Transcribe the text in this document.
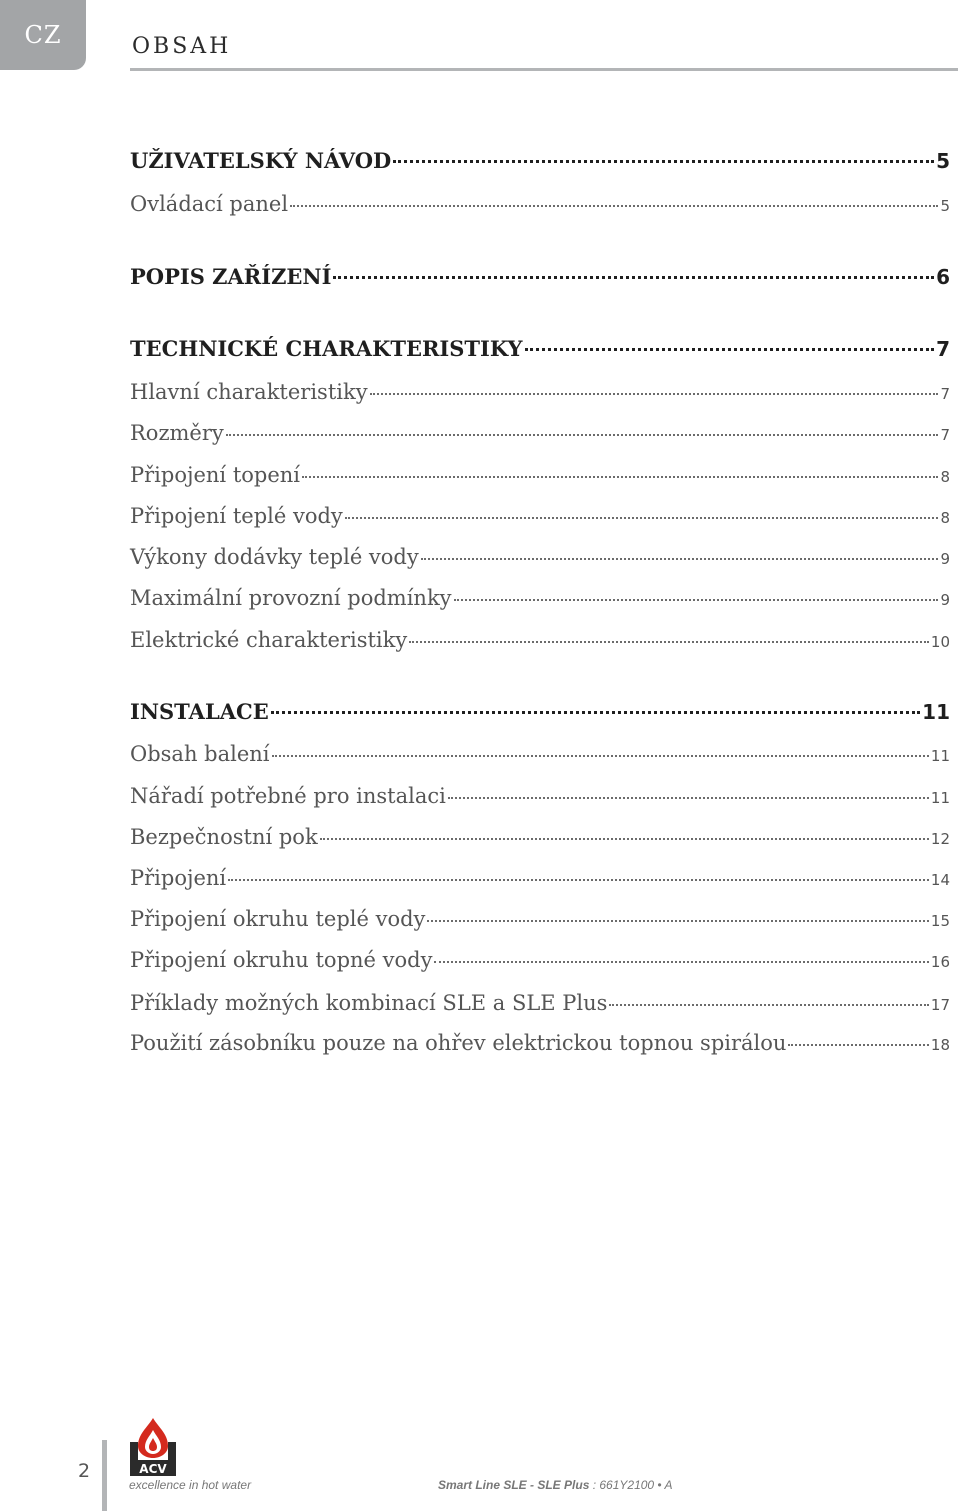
CZ	OBSAH
UŽIVATELSKÝ NÁVOD	5
Ovládací panel	5
POPIS ZAŘÍZENÍ	6
TECHNICKÉ CHARAKTERISTIKY	7
Hlavní charakteristiky	7
Rozměry	7
Připojení topení	8
Připojení teplé vody	8
Výkony dodávky teplé vody	9
Maximální provozní podmínky	9
Elektrické charakteristiky	10
INSTALACE	11
Obsah balení	11
Nářadí potřebné pro instalaci	11
Bezpečnostní pok	12
Připojení	14
Připojení okruhu teplé vody	15
Připojení okruhu topné vody	16
Příklady možných kombinací SLE a SLE Plus	17
Použití zásobníku pouze na ohřev elektrickou topnou spirálou	18
2	ACV
excellence in hot water	Smart Line SLE - SLE Plus : 661Y2100 • A
